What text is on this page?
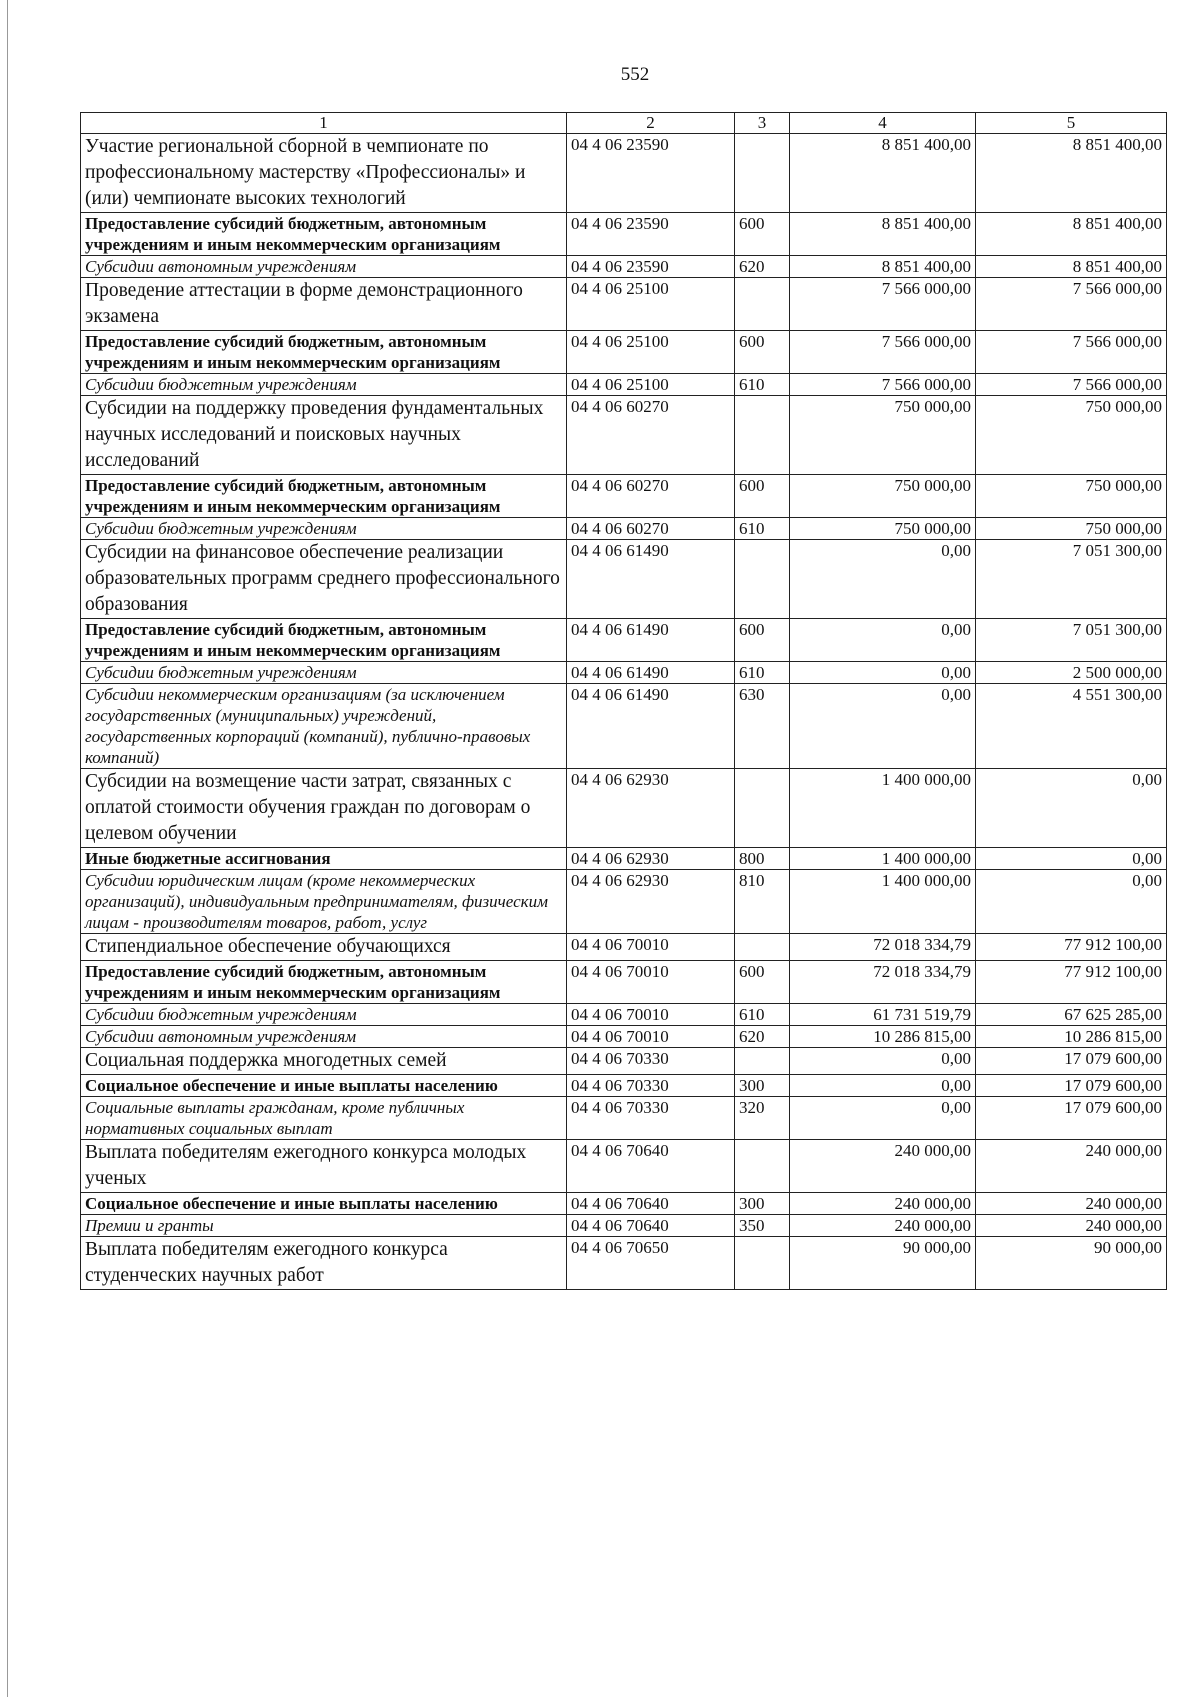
552
1	2	3	4	5
Участие региональной сборной в чемпионате по профессиональному мастерству «Профессионалы» и (или) чемпионате высоких технологий	04 4 06 23590		8 851 400,00	8 851 400,00
Предоставление субсидий бюджетным, автономным учреждениям и иным некоммерческим организациям	04 4 06 23590	600	8 851 400,00	8 851 400,00
Субсидии автономным учреждениям	04 4 06 23590	620	8 851 400,00	8 851 400,00
Проведение аттестации в форме демонстрационного экзамена	04 4 06 25100		7 566 000,00	7 566 000,00
Предоставление субсидий бюджетным, автономным учреждениям и иным некоммерческим организациям	04 4 06 25100	600	7 566 000,00	7 566 000,00
Субсидии бюджетным учреждениям	04 4 06 25100	610	7 566 000,00	7 566 000,00
Субсидии на поддержку проведения фундаментальных научных исследований и поисковых научных исследований	04 4 06 60270		750 000,00	750 000,00
Предоставление субсидий бюджетным, автономным учреждениям и иным некоммерческим организациям	04 4 06 60270	600	750 000,00	750 000,00
Субсидии бюджетным учреждениям	04 4 06 60270	610	750 000,00	750 000,00
Субсидии на финансовое обеспечение реализации образовательных программ среднего профессионального образования	04 4 06 61490		0,00	7 051 300,00
Предоставление субсидий бюджетным, автономным учреждениям и иным некоммерческим организациям	04 4 06 61490	600	0,00	7 051 300,00
Субсидии бюджетным учреждениям	04 4 06 61490	610	0,00	2 500 000,00
Субсидии некоммерческим организациям (за исключением государственных (муниципальных) учреждений, государственных корпораций (компаний), публично-правовых компаний)	04 4 06 61490	630	0,00	4 551 300,00
Субсидии на возмещение части затрат, связанных с оплатой стоимости обучения граждан по договорам о целевом обучении	04 4 06 62930		1 400 000,00	0,00
Иные бюджетные ассигнования	04 4 06 62930	800	1 400 000,00	0,00
Субсидии юридическим лицам (кроме некоммерческих организаций), индивидуальным предпринимателям, физическим лицам - производителям товаров, работ, услуг	04 4 06 62930	810	1 400 000,00	0,00
Стипендиальное обеспечение обучающихся	04 4 06 70010		72 018 334,79	77 912 100,00
Предоставление субсидий бюджетным, автономным учреждениям и иным некоммерческим организациям	04 4 06 70010	600	72 018 334,79	77 912 100,00
Субсидии бюджетным учреждениям	04 4 06 70010	610	61 731 519,79	67 625 285,00
Субсидии автономным учреждениям	04 4 06 70010	620	10 286 815,00	10 286 815,00
Социальная поддержка многодетных семей	04 4 06 70330		0,00	17 079 600,00
Социальное обеспечение и иные выплаты населению	04 4 06 70330	300	0,00	17 079 600,00
Социальные выплаты гражданам, кроме публичных нормативных социальных выплат	04 4 06 70330	320	0,00	17 079 600,00
Выплата победителям ежегодного конкурса молодых ученых	04 4 06 70640		240 000,00	240 000,00
Социальное обеспечение и иные выплаты населению	04 4 06 70640	300	240 000,00	240 000,00
Премии и гранты	04 4 06 70640	350	240 000,00	240 000,00
Выплата победителям ежегодного конкурса студенческих научных работ	04 4 06 70650		90 000,00	90 000,00
